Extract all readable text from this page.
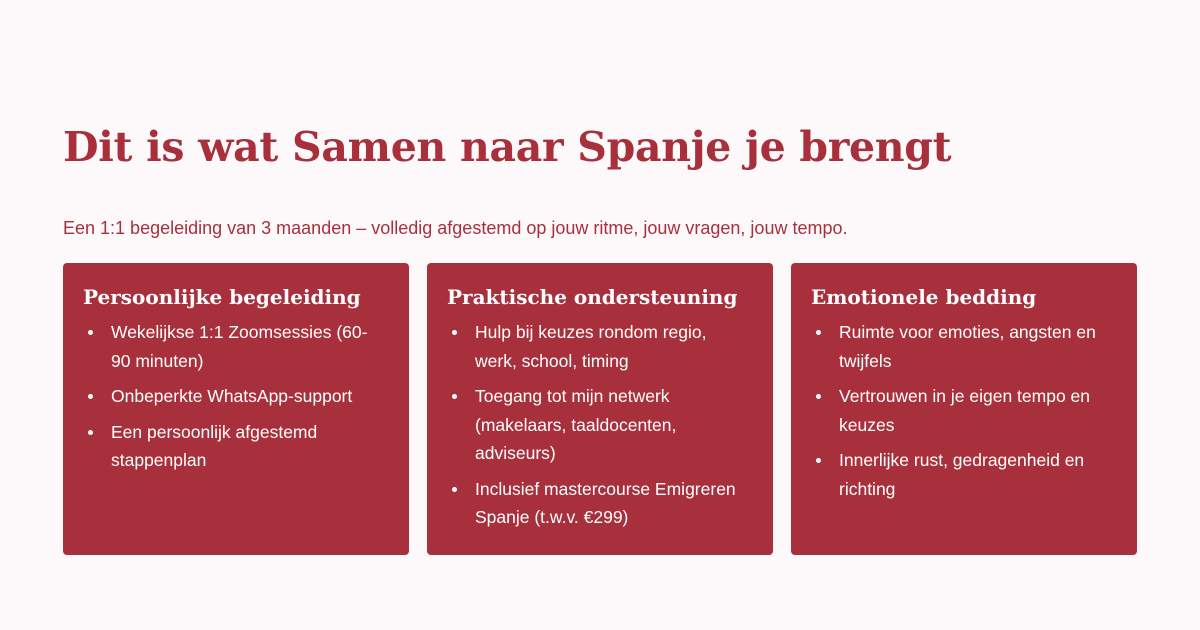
Dit is wat Samen naar Spanje je brengt

Een 1:1 begeleiding van 3 maanden – volledig afgestemd op jouw ritme, jouw vragen, jouw tempo.

Persoonlijke begeleiding
Wekelijkse 1:1 Zoomsessies (60-90 minuten)
Onbeperkte WhatsApp-support
Een persoonlijk afgestemd stappenplan
Praktische ondersteuning
Hulp bij keuzes rondom regio, werk, school, timing
Toegang tot mijn netwerk (makelaars, taaldocenten, adviseurs)
Inclusief mastercourse Emigreren Spanje (t.w.v. €299)
Emotionele bedding
Ruimte voor emoties, angsten en twijfels
Vertrouwen in je eigen tempo en keuzes
Innerlijke rust, gedragenheid en richting
